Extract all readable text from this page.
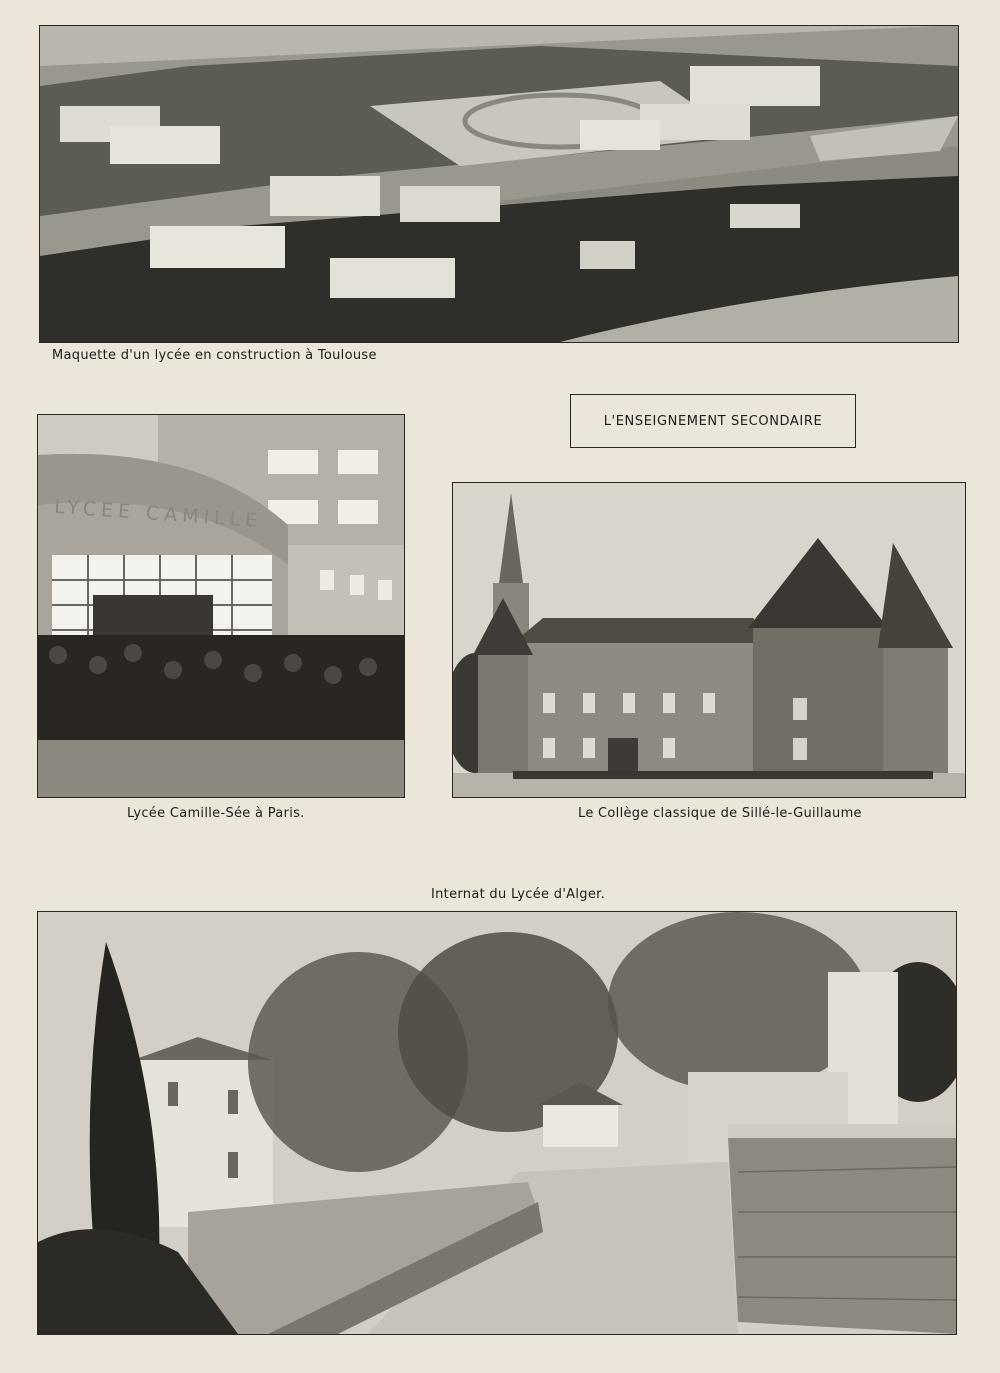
Maquette d'un lycée en construction à Toulouse
L'ENSEIGNEMENT SECONDAIRE
LYCEE CAMILLE
Lycée Camille-Sée à Paris.	Le Collège classique de Sillé-le-Guillaume
Internat du Lycée d'Alger.
